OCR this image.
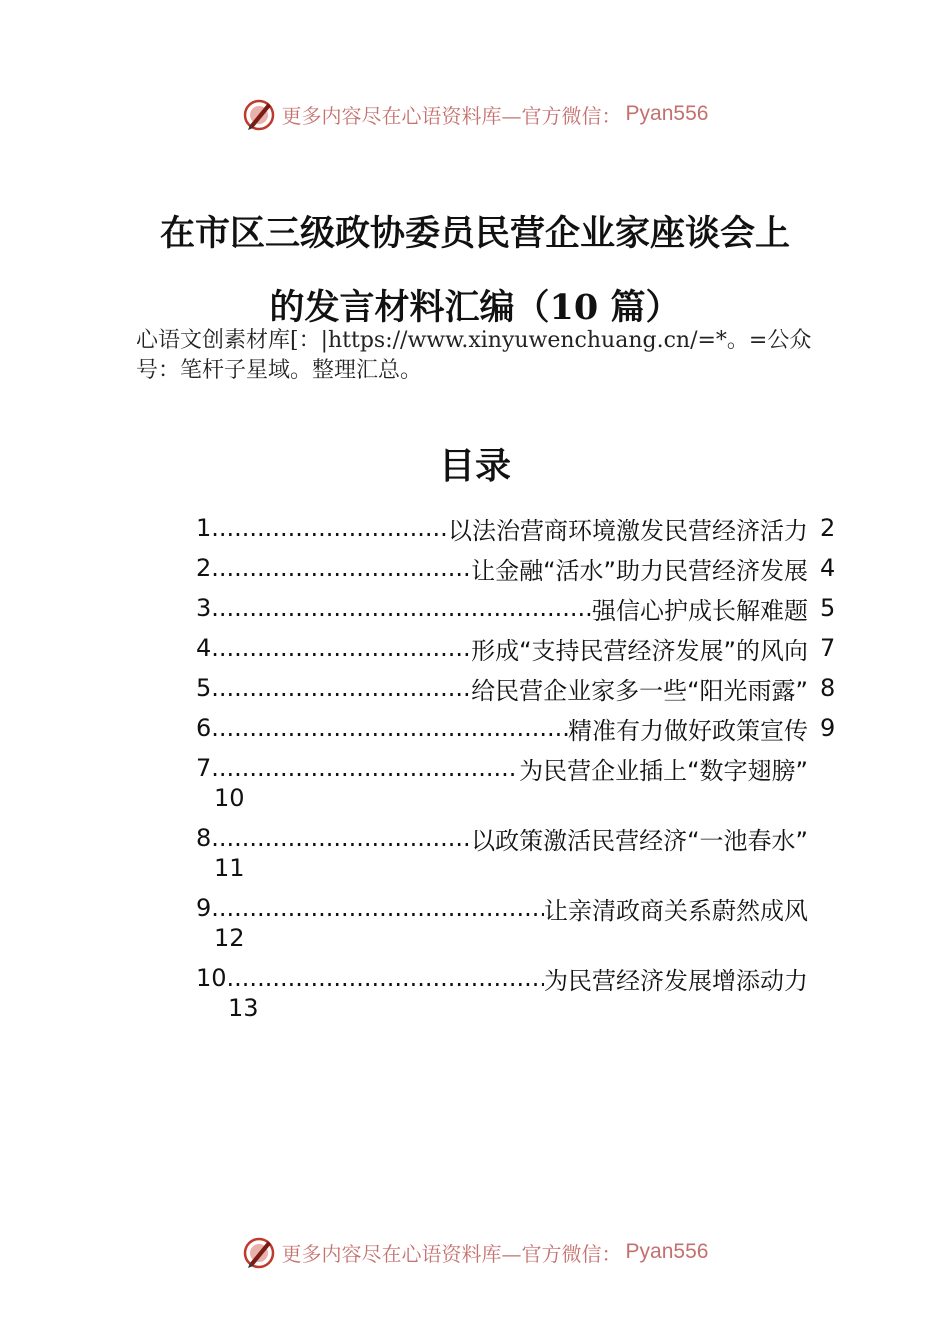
更多内容尽在心语资料库—官方微信： Pyan556
在市区三级政协委员民营企业家座谈会上
的发言材料汇编（10 篇）
心语文创素材库[：|https://www.xinyuwenchuang.cn/=*。=公众号：笔杆子星域。整理汇总。
目录
1 .....	以法治营商环境激发民营经济活力 2
2 .....	让金融“活水”助力民营经济发展 4
3 .....	强信心护成长解难题 5
4 .....	形成“支持民营经济发展”的风向 7
5 .....	给民营企业家多一些“阳光雨露” 8
6 .....	精准有力做好政策宣传 9
7 .....	为民营企业插上“数字翅膀”
10
8 .....	以政策激活民营经济“一池春水”
11
9 .....	让亲清政商关系蔚然成风
12
10 .....	为民营经济发展增添动力
13
更多内容尽在心语资料库—官方微信： Pyan556
